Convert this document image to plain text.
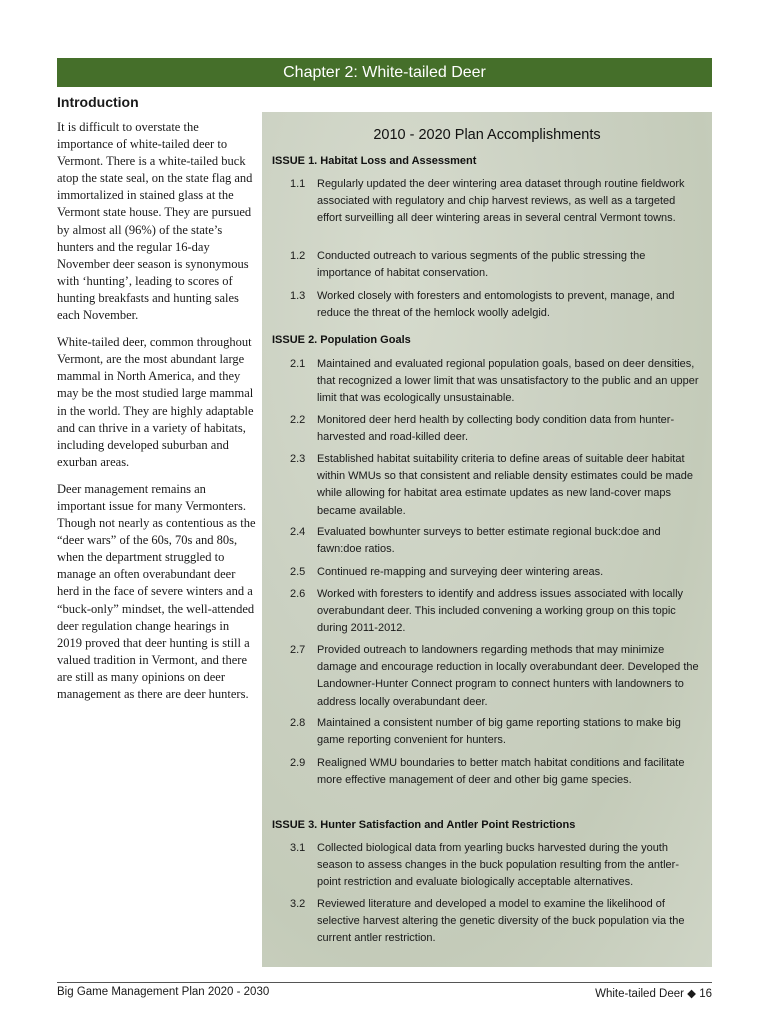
Chapter 2: White-tailed Deer
Introduction

It is difficult to overstate the importance of white-tailed deer to Vermont. There is a white-tailed buck atop the state seal, on the state flag and immortalized in stained glass at the Vermont state house. They are pursued by almost all (96%) of the state’s hunters and the regular 16-day November deer season is synonymous with ‘hunting’, leading to scores of hunting breakfasts and hunting sales each November.

White-tailed deer, common throughout Vermont, are the most abundant large mammal in North America, and they may be the most studied large mammal in the world. They are highly adaptable and can thrive in a variety of habitats, including developed suburban and exurban areas.

Deer management remains an important issue for many Vermonters. Though not nearly as contentious as the “deer wars” of the 60s, 70s and 80s, when the department struggled to manage an often overabundant deer herd in the face of severe winters and a “buck-only” mindset, the well-attended deer regulation change hearings in 2019 proved that deer hunting is still a valued tradition in Vermont, and there are still as many opinions on deer management as there are deer hunters.

2010 - 2020 Plan Accomplishments
ISSUE 1. Habitat Loss and Assessment
1.1	Regularly updated the deer wintering area dataset through routine fieldwork associated with regulatory and chip harvest reviews, as well as a targeted effort surveilling all deer wintering areas in several central Vermont towns.
1.2	Conducted outreach to various segments of the public stressing the importance of habitat conservation.
1.3	Worked closely with foresters and entomologists to prevent, manage, and reduce the threat of the hemlock woolly adelgid.
ISSUE 2. Population Goals
2.1	Maintained and evaluated regional population goals, based on deer densities, that recognized a lower limit that was unsatisfactory to the public and an upper limit that was ecologically unsustainable.
2.2	Monitored deer herd health by collecting body condition data from hunter-harvested and road-killed deer.
2.3	Established habitat suitability criteria to define areas of suitable deer habitat within WMUs so that consistent and reliable density estimates could be made while allowing for habitat area estimate updates as new land-cover maps became available.
2.4	Evaluated bowhunter surveys to better estimate regional buck:doe and fawn:doe ratios.
2.5	Continued re-mapping and surveying deer wintering areas.
2.6	Worked with foresters to identify and address issues associated with locally overabundant deer. This included convening a working group on this topic during 2011-2012.
2.7	Provided outreach to landowners regarding methods that may minimize damage and encourage reduction in locally overabundant deer. Developed the Landowner-Hunter Connect program to connect hunters with landowners to address locally overabundant deer.
2.8	Maintained a consistent number of big game reporting stations to make big game reporting convenient for hunters.
2.9	Realigned WMU boundaries to better match habitat conditions and facilitate more effective management of deer and other big game species.
ISSUE 3. Hunter Satisfaction and Antler Point Restrictions
3.1	Collected biological data from yearling bucks harvested during the youth season to assess changes in the buck population resulting from the antler-point restriction and evaluate biologically acceptable alternatives.
3.2	Reviewed literature and developed a model to examine the likelihood of selective harvest altering the genetic diversity of the buck population via the current antler restriction.
Big Game Management Plan 2020 - 2030	White-tailed Deer ◆ 16
